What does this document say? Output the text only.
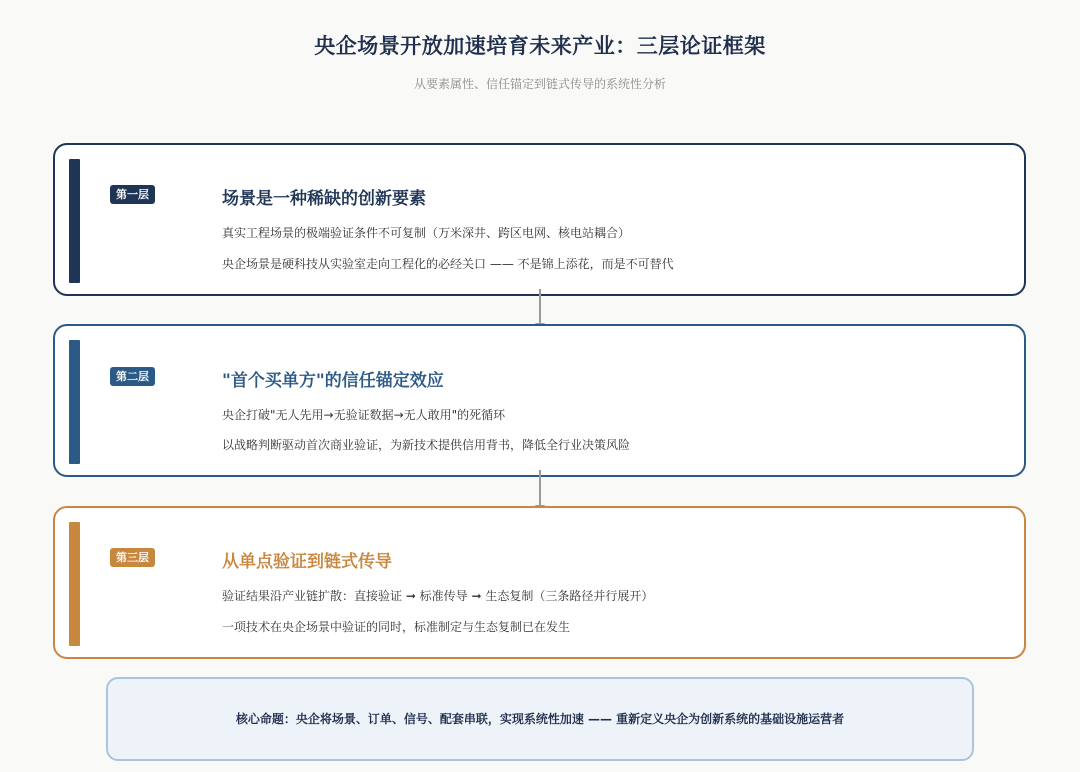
央企场景开放加速培育未来产业：三层论证框架
从要素属性、信任锚定到链式传导的系统性分析
第一层	场景是一种稀缺的创新要素
真实工程场景的极端验证条件不可复制（万米深井、跨区电网、核电站耦合）
央企场景是硬科技从实验室走向工程化的必经关口 —— 不是锦上添花，而是不可替代
第二层	"首个买单方"的信任锚定效应
央企打破"无人先用→无验证数据→无人敢用"的死循环
以战略判断驱动首次商业验证，为新技术提供信用背书，降低全行业决策风险
第三层	从单点验证到链式传导
验证结果沿产业链扩散：直接验证 ➞ 标准传导 ➞ 生态复制（三条路径并行展开）
一项技术在央企场景中验证的同时，标准制定与生态复制已在发生
核心命题：央企将场景、订单、信号、配套串联，实现系统性加速 —— 重新定义央企为创新系统的基础设施运营者
